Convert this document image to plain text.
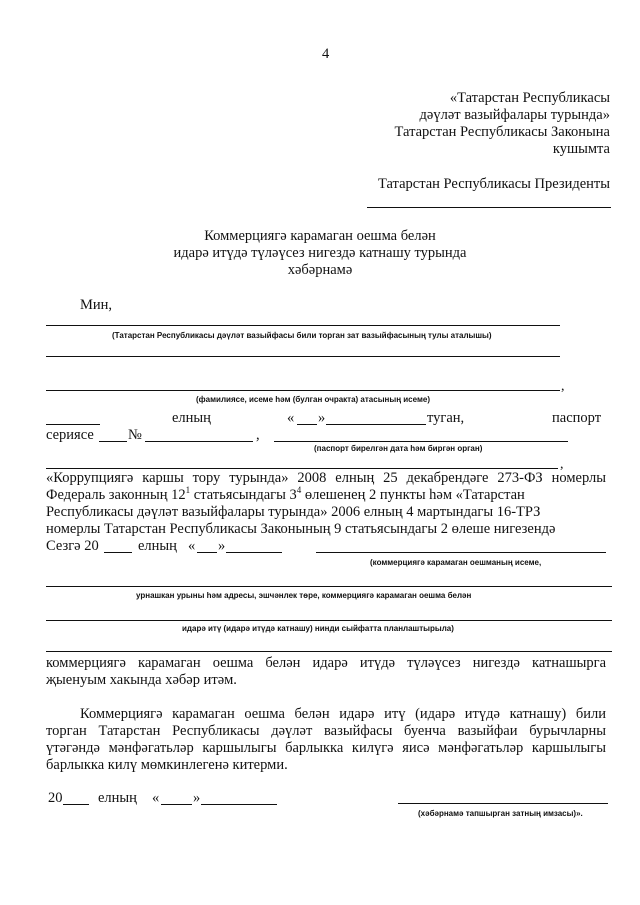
4
«Татарстан Республикасы
дәүләт вазыйфалары турында»
Татарстан Республикасы Законына
кушымта
Татарстан Республикасы Президенты
Коммерциягә карамаган оешма белән
идарә итүдә түләүсез нигездә катнашу турында
хәбәрнамә
Мин,
(Татарстан Республикасы дәүләт вазыйфасы били торган зат вазыйфасының тулы аталышы)
,
(фамилиясе, исеме һәм (булган очракта) атасының исеме)
елның	« »	туган,	паспорт
сериясе №	,
(паспорт бирелгән дата һәм биргән орган)
,
«Коррупциягә каршы тору турында» 2008 елның 25 декабрендәге 273-ФЗ номерлы
Федераль законның $12^1$ статьясындагы $3^4$ өлешенең 2 пункты һәм «Татарстан
Республикасы дәүләт вазыйфалары турында» 2006 елның 4 мартындагы 16-ТРЗ
номерлы Татарстан Республикасы Законының 9 статьясындагы 2 өлеше нигезендә
Сезгә 20	елның « »
(коммерциягә карамаган оешманың исеме,
урнашкан урыны һәм адресы, эшчәнлек төре, коммерциягә карамаган оешма белән
идарә итү (идарә итүдә катнашу) нинди сыйфатта планлаштырыла)
коммерциягә карамаган оешма белән идарә итүдә түләүсез нигездә катнашырга
җыенуым хакында хәбәр итәм.
Коммерциягә карамаган оешма белән идарә итү (идарә итүдә катнашу) били
торган Татарстан Республикасы дәүләт вазыйфасы буенча вазыйфаи бурычларны
үтәгәндә мәнфәгатьләр каршылыгы барлыкка килүгә яисә мәнфәгатьләр каршылыгы
барлыкка килү мөмкинлегенә китерми.
20 елның « »
(хәбәрнамә тапшырган затның имзасы)».
